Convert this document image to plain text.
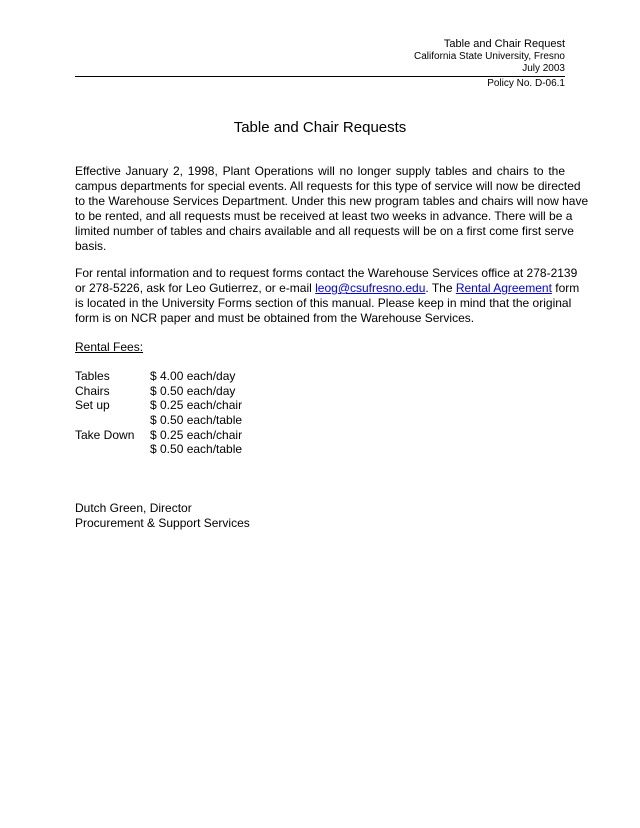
Table and Chair Request
California State University, Fresno
July 2003
Policy No. D-06.1
Table and Chair Requests
Effective January 2, 1998, Plant Operations will no longer supply tables and chairs to the
campus departments for special events. All requests for this type of service will now be directed
to the Warehouse Services Department. Under this new program tables and chairs will now have
to be rented, and all requests must be received at least two weeks in advance. There will be a
limited number of tables and chairs available and all requests will be on a first come first serve
basis.
For rental information and to request forms contact the Warehouse Services office at 278-2139
or 278-5226, ask for Leo Gutierrez, or e-mail leog@csufresno.edu. The Rental Agreement form
is located in the University Forms section of this manual. Please keep in mind that the original
form is on NCR paper and must be obtained from the Warehouse Services.
Rental Fees:
Tables	$ 4.00 each/day
Chairs	$ 0.50 each/day
Set up	$ 0.25 each/chair
$ 0.50 each/table
Take Down $ 0.25 each/chair
$ 0.50 each/table
Dutch Green, Director
Procurement & Support Services
